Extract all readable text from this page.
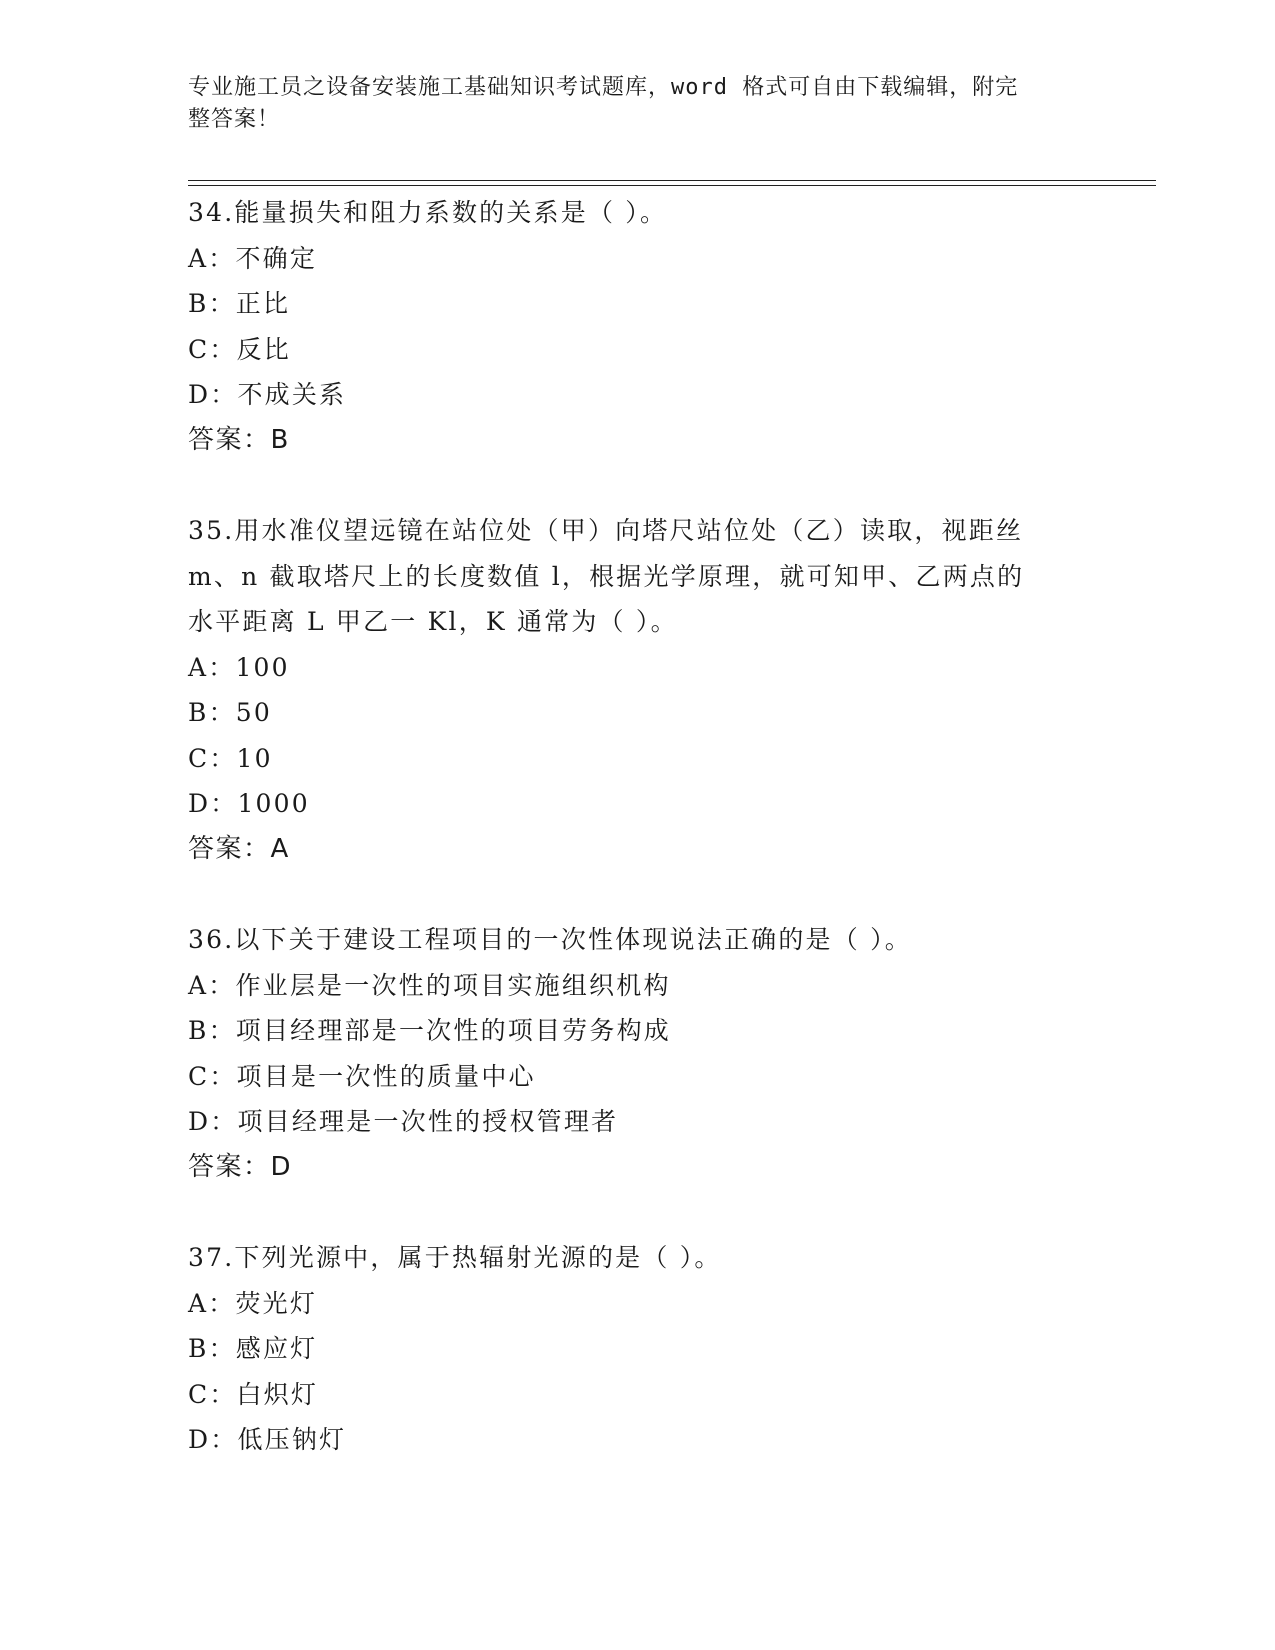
专业施工员之设备安装施工基础知识考试题库，word 格式可自由下载编辑，附完
整答案！

34.能量损失和阻力系数的关系是（ ）。

A：不确定

B：正比

C：反比

D：不成关系

答案：B

35.用水准仪望远镜在站位处（甲）向塔尺站位处（乙）读取，视距丝

m、n 截取塔尺上的长度数值 l，根据光学原理，就可知甲、乙两点的

水平距离 L 甲乙一 Kl，K 通常为（ ）。

A：100

B：50

C：10

D：1000

答案：A

36.以下关于建设工程项目的一次性体现说法正确的是（ ）。

A：作业层是一次性的项目实施组织机构

B：项目经理部是一次性的项目劳务构成

C：项目是一次性的质量中心

D：项目经理是一次性的授权管理者

答案：D

37.下列光源中，属于热辐射光源的是（ ）。

A：荧光灯

B：感应灯

C：白炽灯

D：低压钠灯
